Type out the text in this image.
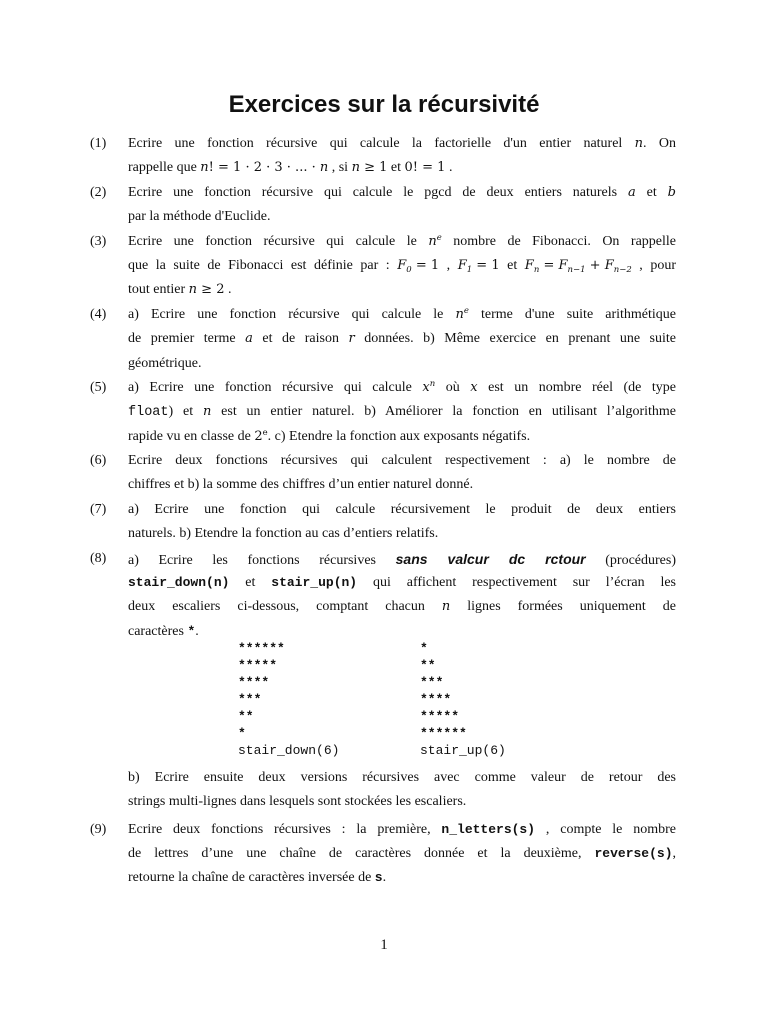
Exercices sur la récursivité
(1)	Ecrire une fonction récursive qui calcule la factorielle d'un entier naturel n. On
rappelle que n! = 1 · 2 · 3 · ... · n , si n ≥ 1 et 0! = 1 .
(2)	Ecrire une fonction récursive qui calcule le pgcd de deux entiers naturels a et b
par la méthode d'Euclide.
(3)	Ecrire une fonction récursive qui calcule le $n^e$ nombre de Fibonacci. On rappelle
que la suite de Fibonacci est définie par : $F_0 = 1$ , $F_1 = 1$ et $F_n = F_{n-1} + F_{n-2}$ , pour
tout entier n ≥ 2 .
(4)	a) Ecrire une fonction récursive qui calcule le $n^e$ terme d'une suite arithmétique
de premier terme a et de raison r données. b) Même exercice en prenant une suite
géométrique.
(5)	a) Ecrire une fonction récursive qui calcule $x^n$ où x est un nombre réel (de type
float) et n est un entier naturel. b) Améliorer la fonction en utilisant l’algorithme
rapide vu en classe de 2e. c) Etendre la fonction aux exposants négatifs.
(6)	Ecrire deux fonctions récursives qui calculent respectivement : a) le nombre de
chiffres et b) la somme des chiffres d’un entier naturel donné.
(7)	a) Ecrire une fonction qui calcule récursivement le produit de deux entiers
naturels. b) Etendre la fonction au cas d’entiers relatifs.
(8)	a) Ecrire les fonctions récursives sans valcur dc rctour (procédures)
stair_down(n) et stair_up(n) qui affichent respectivement sur l’écran les
deux escaliers ci-dessous, comptant chacun n lignes formées uniquement de
caractères *.
******
*****
****
***
**
*
stair_down(6)
*
**
***
****
*****
******
stair_up(6)
b) Ecrire ensuite deux versions récursives avec comme valeur de retour des
strings multi-lignes dans lesquels sont stockées les escaliers.
(9)	Ecrire deux fonctions récursives : la première, n_letters(s) , compte le nombre
de lettres d’une une chaîne de caractères donnée et la deuxième, reverse(s),
retourne la chaîne de caractères inversée de s.
1
